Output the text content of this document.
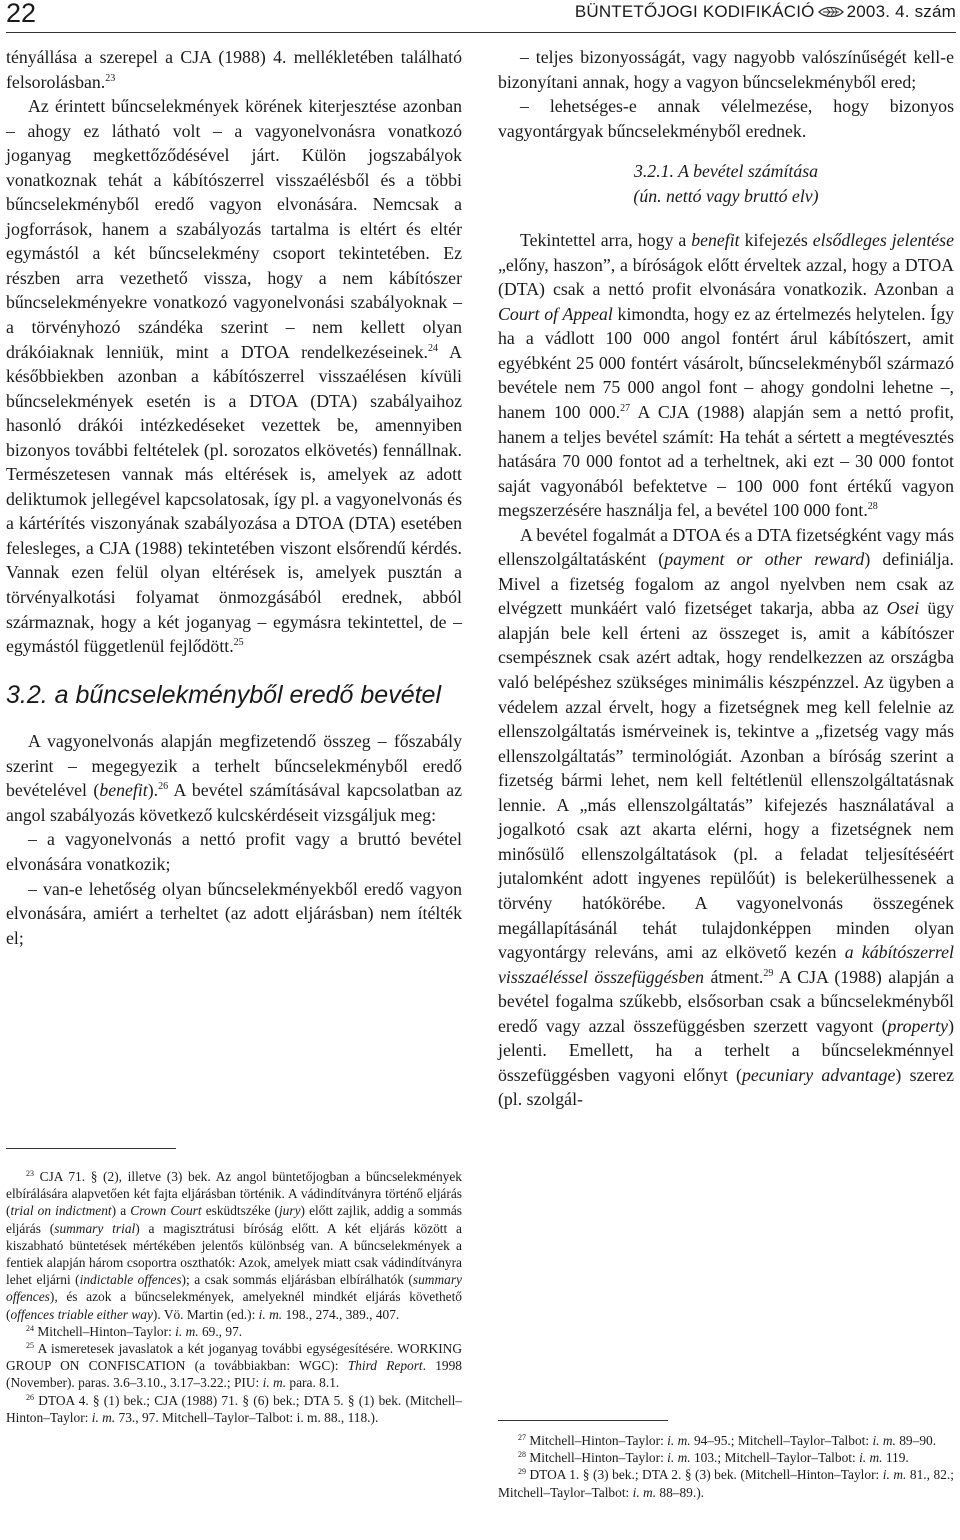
22	BÜNTETŐJOGI KODIFIKÁCIÓ 2003. 4. szám

tényállása a szerepel a CJA (1988) 4. mellékletében található felsorolásban.$^{23}$

Az érintett bűncselekmények körének kiterjesztése azonban – ahogy ez látható volt – a vagyonelvonásra vonatkozó joganyag megkettőződésével járt. Külön jogszabályok vonatkoznak tehát a kábítószerrel visszaélésből és a többi bűncselekményből eredő vagyon elvonására. Nemcsak a jogforrások, hanem a szabályozás tartalma is eltért és eltér egymástól a két bűncselekmény csoport tekintetében. Ez részben arra vezethető vissza, hogy a nem kábítószer bűncselekményekre vonatkozó vagyonelvonási szabályoknak – a törvényhozó szándéka szerint – nem kellett olyan drákóiaknak lenniük, mint a DTOA rendelkezéseinek.$^{24}$ A későbbiekben azonban a kábítószerrel visszaélésen kívüli bűncselekmények esetén is a DTOA (DTA) szabályaihoz hasonló drákói intézkedéseket vezettek be, amennyiben bizonyos további feltételek (pl. sorozatos elkövetés) fennállnak. Természetesen vannak más eltérések is, amelyek az adott deliktumok jellegével kapcsolatosak, így pl. a vagyonelvonás és a kártérítés viszonyának szabályozása a DTOA (DTA) esetében felesleges, a CJA (1988) tekintetében viszont elsőrendű kérdés. Vannak ezen felül olyan eltérések is, amelyek pusztán a törvényalkotási folyamat önmozgásából erednek, abból származnak, hogy a két joganyag – egymásra tekintettel, de – egymástól függetlenül fejlődött.$^{25}$

3.2. a bűncselekményből eredő bevétel

A vagyonelvonás alapján megfizetendő összeg – főszabály szerint – megegyezik a terhelt bűncselekményből eredő bevételével (benefit).$^{26}$ A bevétel számításával kapcsolatban az angol szabályozás következő kulcskérdéseit vizsgáljuk meg:

– a vagyonelvonás a nettó profit vagy a bruttó bevétel elvonására vonatkozik;

– van-e lehetőség olyan bűncselekményekből eredő vagyon elvonására, amiért a terheltet (az adott eljárásban) nem ítélték el;

$^{23}$ CJA 71. § (2), illetve (3) bek. Az angol büntetőjogban a bűncselekmények elbírálására alapvetően két fajta eljárásban történik. A vádindítványra történő eljárás (trial on indictment) a Crown Court esküdtszéke (jury) előtt zajlik, addig a sommás eljárás (summary trial) a magisztrátusi bíróság előtt. A két eljárás között a kiszabható büntetések mértékében jelentős különbség van. A bűncselekmények a fentiek alapján három csoportra oszthatók: Azok, amelyek miatt csak vádindítványra lehet eljárni (indictable offences); a csak sommás eljárásban elbírálhatók (summary offences), és azok a bűncselekmények, amelyeknél mindkét eljárás követhető (offences triable either way). Vö. Martin (ed.): i. m. 198., 274., 389., 407.

$^{24}$ Mitchell–Hinton–Taylor: i. m. 69., 97.

$^{25}$ A ismeretesek javaslatok a két joganyag további egységesítésére. WORKING GROUP ON CONFISCATION (a továbbiakban: WGC): Third Report. 1998 (November). paras. 3.6–3.10., 3.17–3.22.; PIU: i. m. para. 8.1.

$^{26}$ DTOA 4. § (1) bek.; CJA (1988) 71. § (6) bek.; DTA 5. § (1) bek. (Mitchell–Hinton–Taylor: i. m. 73., 97. Mitchell–Taylor–Talbot: i. m. 88., 118.).

– teljes bizonyosságát, vagy nagyobb valószínűségét kell-e bizonyítani annak, hogy a vagyon bűncselekményből ered;

– lehetséges-e annak vélelmezése, hogy bizonyos vagyontárgyak bűncselekményből erednek.

3.2.1. A bevétel számítása
(ún. nettó vagy bruttó elv)

Tekintettel arra, hogy a benefit kifejezés elsődleges jelentése „előny, haszon”, a bíróságok előtt érveltek azzal, hogy a DTOA (DTA) csak a nettó profit elvonására vonatkozik. Azonban a Court of Appeal kimondta, hogy ez az értelmezés helytelen. Így ha a vádlott 100 000 angol fontért árul kábítószert, amit egyébként 25 000 fontért vásárolt, bűncselekményből származó bevétele nem 75 000 angol font – ahogy gondolni lehetne –, hanem 100 000.27 A CJA (1988) alapján sem a nettó profit, hanem a teljes bevétel számít: Ha tehát a sértett a megtévesztés hatására 70 000 fontot ad a terheltnek, aki ezt – 30 000 fontot saját vagyonából befektetve – 100 000 font értékű vagyon megszerzésére használja fel, a bevétel 100 000 font.$^{28}$

A bevétel fogalmát a DTOA és a DTA fizetségként vagy más ellenszolgáltatásként (payment or other reward) definiálja. Mivel a fizetség fogalom az angol nyelvben nem csak az elvégzett munkáért való fizetséget takarja, abba az Osei ügy alapján bele kell érteni az összeget is, amit a kábítószer csempésznek csak azért adtak, hogy rendelkezzen az országba való belépéshez szükséges minimális készpénzzel. Az ügyben a védelem azzal érvelt, hogy a fizetségnek meg kell felelnie az ellenszolgáltatás ismérveinek is, tekintve a „fizetség vagy más ellenszolgáltatás” terminológiát. Azonban a bíróság szerint a fizetség bármi lehet, nem kell feltétlenül ellenszolgáltatásnak lennie. A „más ellenszolgáltatás” kifejezés használatával a jogalkotó csak azt akarta elérni, hogy a fizetségnek nem minősülő ellenszolgáltatások (pl. a feladat teljesítéséért jutalomként adott ingyenes repülőút) is belekerülhessenek a törvény hatókörébe. A vagyonelvonás összegének megállapításánál tehát tulajdonképpen minden olyan vagyontárgy releváns, ami az elkövető kezén a kábítószerrel visszaéléssel összefüggésben átment.$^{29}$ A CJA (1988) alapján a bevétel fogalma szűkebb, elsősorban csak a bűncselekményből eredő vagy azzal összefüggésben szerzett vagyont (property) jelenti. Emellett, ha a terhelt a bűncselekménnyel összefüggésben vagyoni előnyt (pecuniary advantage) szerez (pl. szolgál-

$^{27}$ Mitchell–Hinton–Taylor: i. m. 94–95.; Mitchell–Taylor–Talbot: i. m. 89–90.

$^{28}$ Mitchell–Hinton–Taylor: i. m. 103.; Mitchell–Taylor–Talbot: i. m. 119.

$^{29}$ DTOA 1. § (3) bek.; DTA 2. § (3) bek. (Mitchell–Hinton–Taylor: i. m. 81., 82.; Mitchell–Taylor–Talbot: i. m. 88–89.).
